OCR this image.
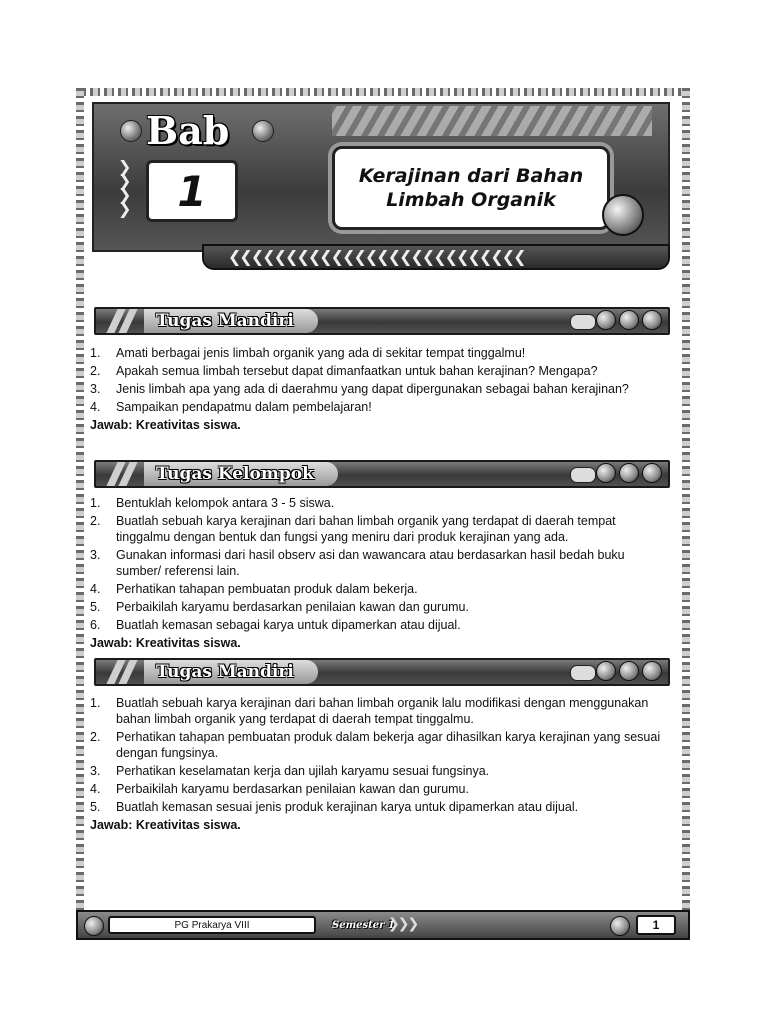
Bab
❯
❯
❯
❯ 1	Kerajinan dari Bahan
Limbah Organik
❮❮❮❮❮❮❮❮❮❮❮❮❮❮❮❮❮❮❮❮❮❮❮❮❮❮
Tugas Mandiri
1.	Amati berbagai jenis limbah organik yang ada di sekitar tempat tinggalmu!
2.	Apakah semua limbah tersebut dapat dimanfaatkan untuk bahan kerajinan? Mengapa?
3.	Jenis limbah apa yang ada di daerahmu yang dapat dipergunakan sebagai bahan kerajinan?
4.	Sampaikan pendapatmu dalam pembelajaran!
Jawab: Kreativitas siswa.
Tugas Kelompok
1.	Bentuklah kelompok antara 3 - 5 siswa.
2.	Buatlah sebuah karya kerajinan dari bahan limbah organik yang terdapat di daerah tempat tinggalmu dengan bentuk dan fungsi yang meniru dari produk kerajinan yang ada.
3.	Gunakan informasi dari hasil observ asi dan wawancara atau berdasarkan hasil bedah buku sumber/ referensi lain.
4.	Perhatikan tahapan pembuatan produk dalam bekerja.
5.	Perbaikilah karyamu berdasarkan penilaian kawan dan gurumu.
6.	Buatlah kemasan sebagai karya untuk dipamerkan atau dijual.
Jawab: Kreativitas siswa.
Tugas Mandiri
1.	Buatlah sebuah karya kerajinan dari bahan limbah organik lalu modifikasi dengan menggunakan bahan limbah organik yang terdapat di daerah tempat tinggalmu.
2.	Perhatikan tahapan pembuatan produk dalam bekerja agar dihasilkan karya kerajinan yang sesuai dengan fungsinya.
3.	Perhatikan keselamatan kerja dan ujilah karyamu sesuai fungsinya.
4.	Perbaikilah karyamu berdasarkan penilaian kawan dan gurumu.
5.	Buatlah kemasan sesuai jenis produk kerajinan karya untuk dipamerkan atau dijual.
Jawab: Kreativitas siswa.
PG Prakarya VIII	Semester 1
❯❯❯	1
